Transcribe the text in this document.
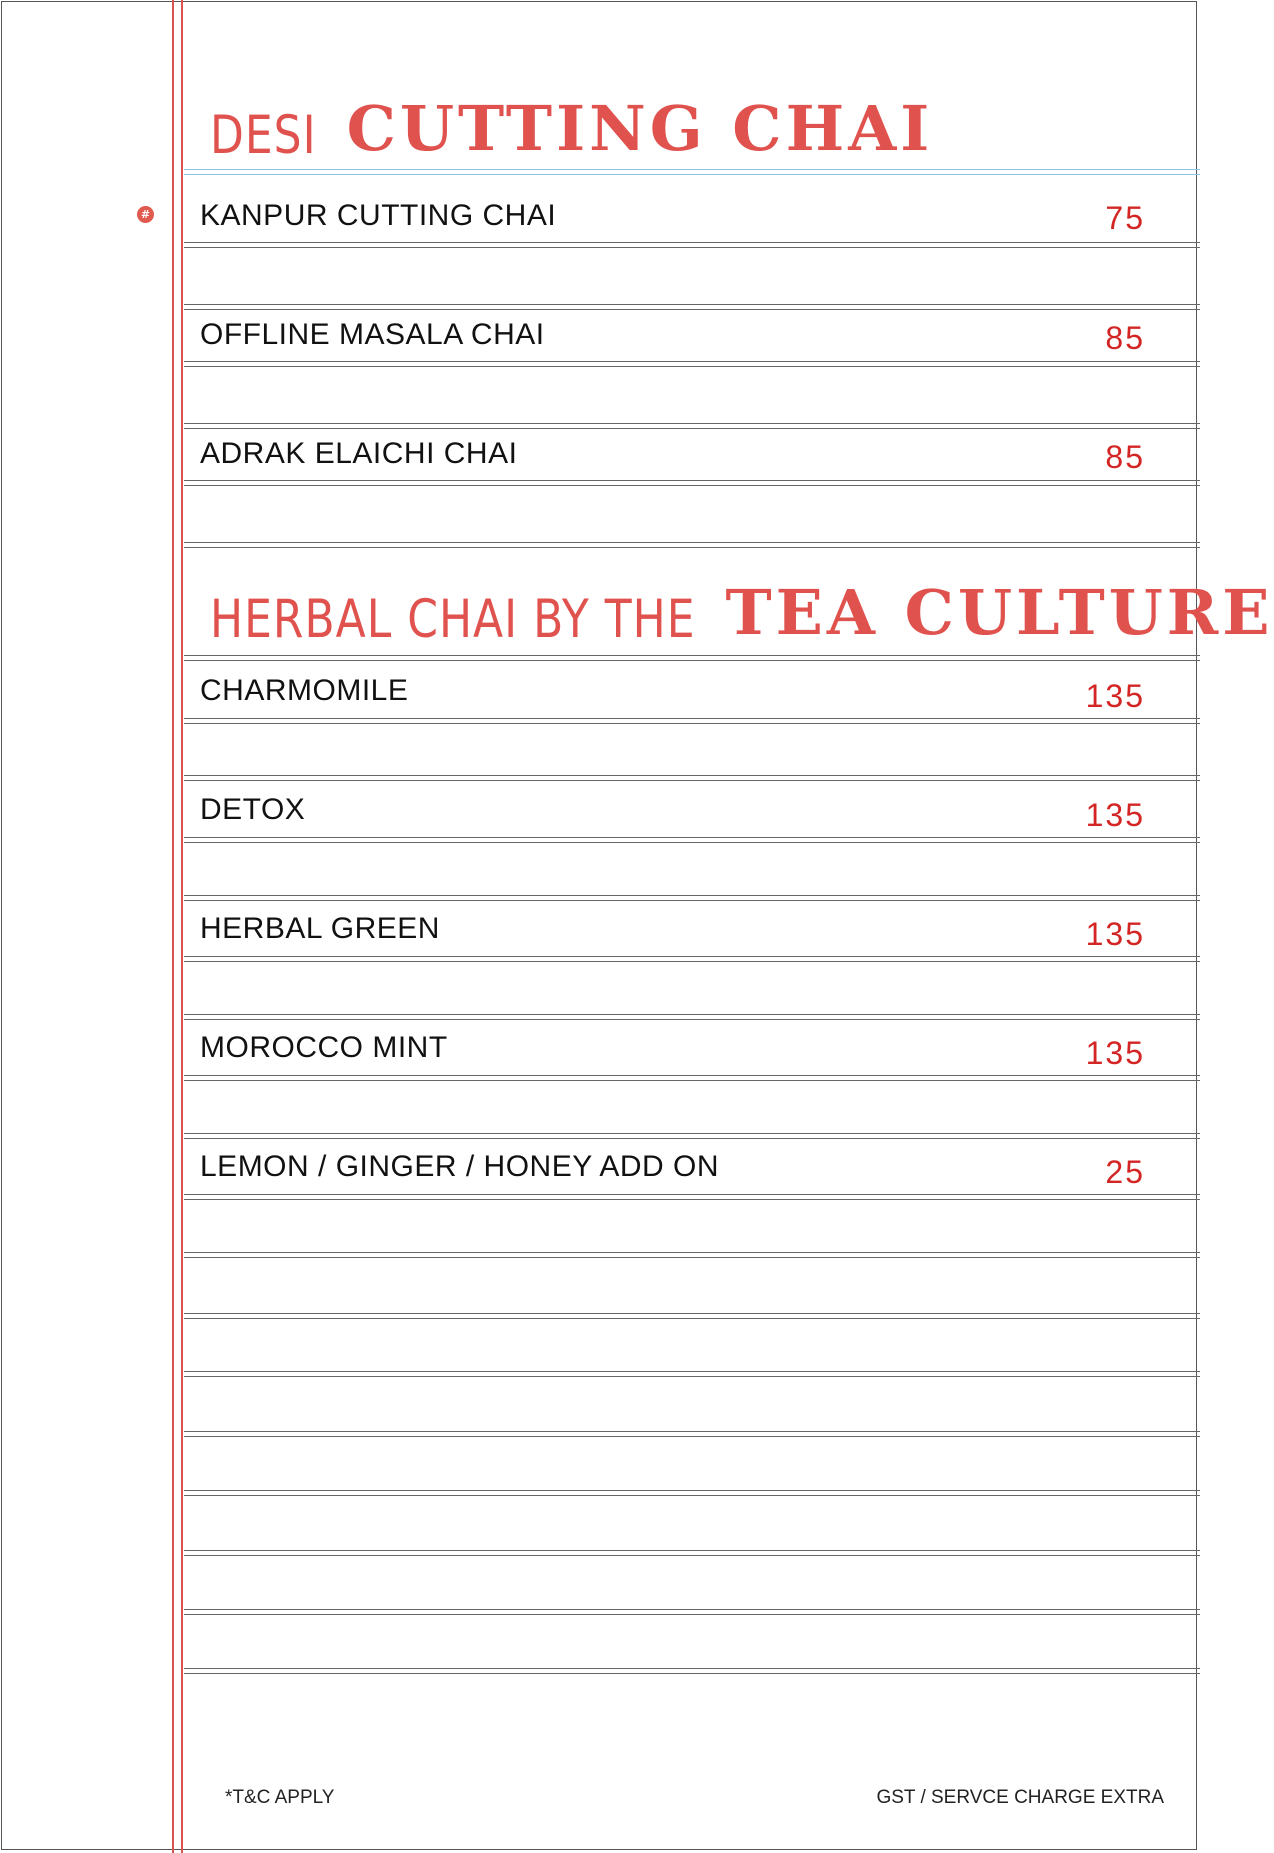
#
DESI CUTTING CHAI
KANPUR CUTTING CHAI	75
OFFLINE MASALA CHAI	85
ADRAK ELAICHI CHAI	85
HERBAL CHAI BY THE TEA CULTURE
CHARMOMILE	135
DETOX	135
HERBAL GREEN	135
MOROCCO MINT	135
LEMON / GINGER / HONEY ADD ON	25
*T&C APPLY	GST / SERVCE CHARGE EXTRA
